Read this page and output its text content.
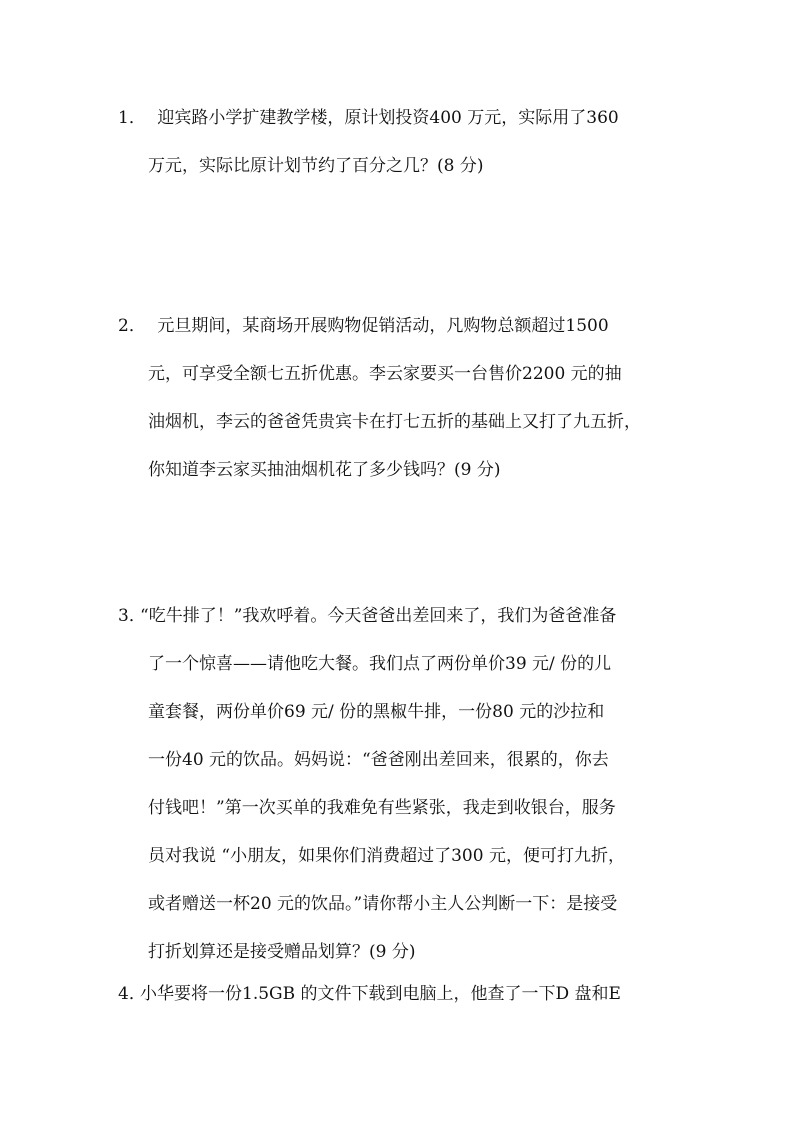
1． 迎宾路小学扩建教学楼，原计划投资400 万元，实际用了360
万元，实际比原计划节约了百分之几？(8 分)
2． 元旦期间，某商场开展购物促销活动，凡购物总额超过1500
元，可享受全额七五折优惠。李云家要买一台售价2200 元的抽
油烟机，李云的爸爸凭贵宾卡在打七五折的基础上又打了九五折，
你知道李云家买抽油烟机花了多少钱吗？(9 分)
3．“吃牛排了！”我欢呼着。今天爸爸出差回来了，我们为爸爸准备
了一个惊喜——请他吃大餐。我们点了两份单价39 元/ 份的儿
童套餐，两份单价69 元/ 份的黑椒牛排，一份80 元的沙拉和
一份40 元的饮品。妈妈说：“爸爸刚出差回来，很累的，你去
付钱吧！”第一次买单的我难免有些紧张，我走到收银台，服务
员对我说 “小朋友，如果你们消费超过了300 元，便可打九折，
或者赠送一杯20 元的饮品。”请你帮小主人公判断一下：是接受
打折划算还是接受赠品划算？(9 分)
4．小华要将一份1.5GB 的文件下载到电脑上，他查了一下D 盘和E
